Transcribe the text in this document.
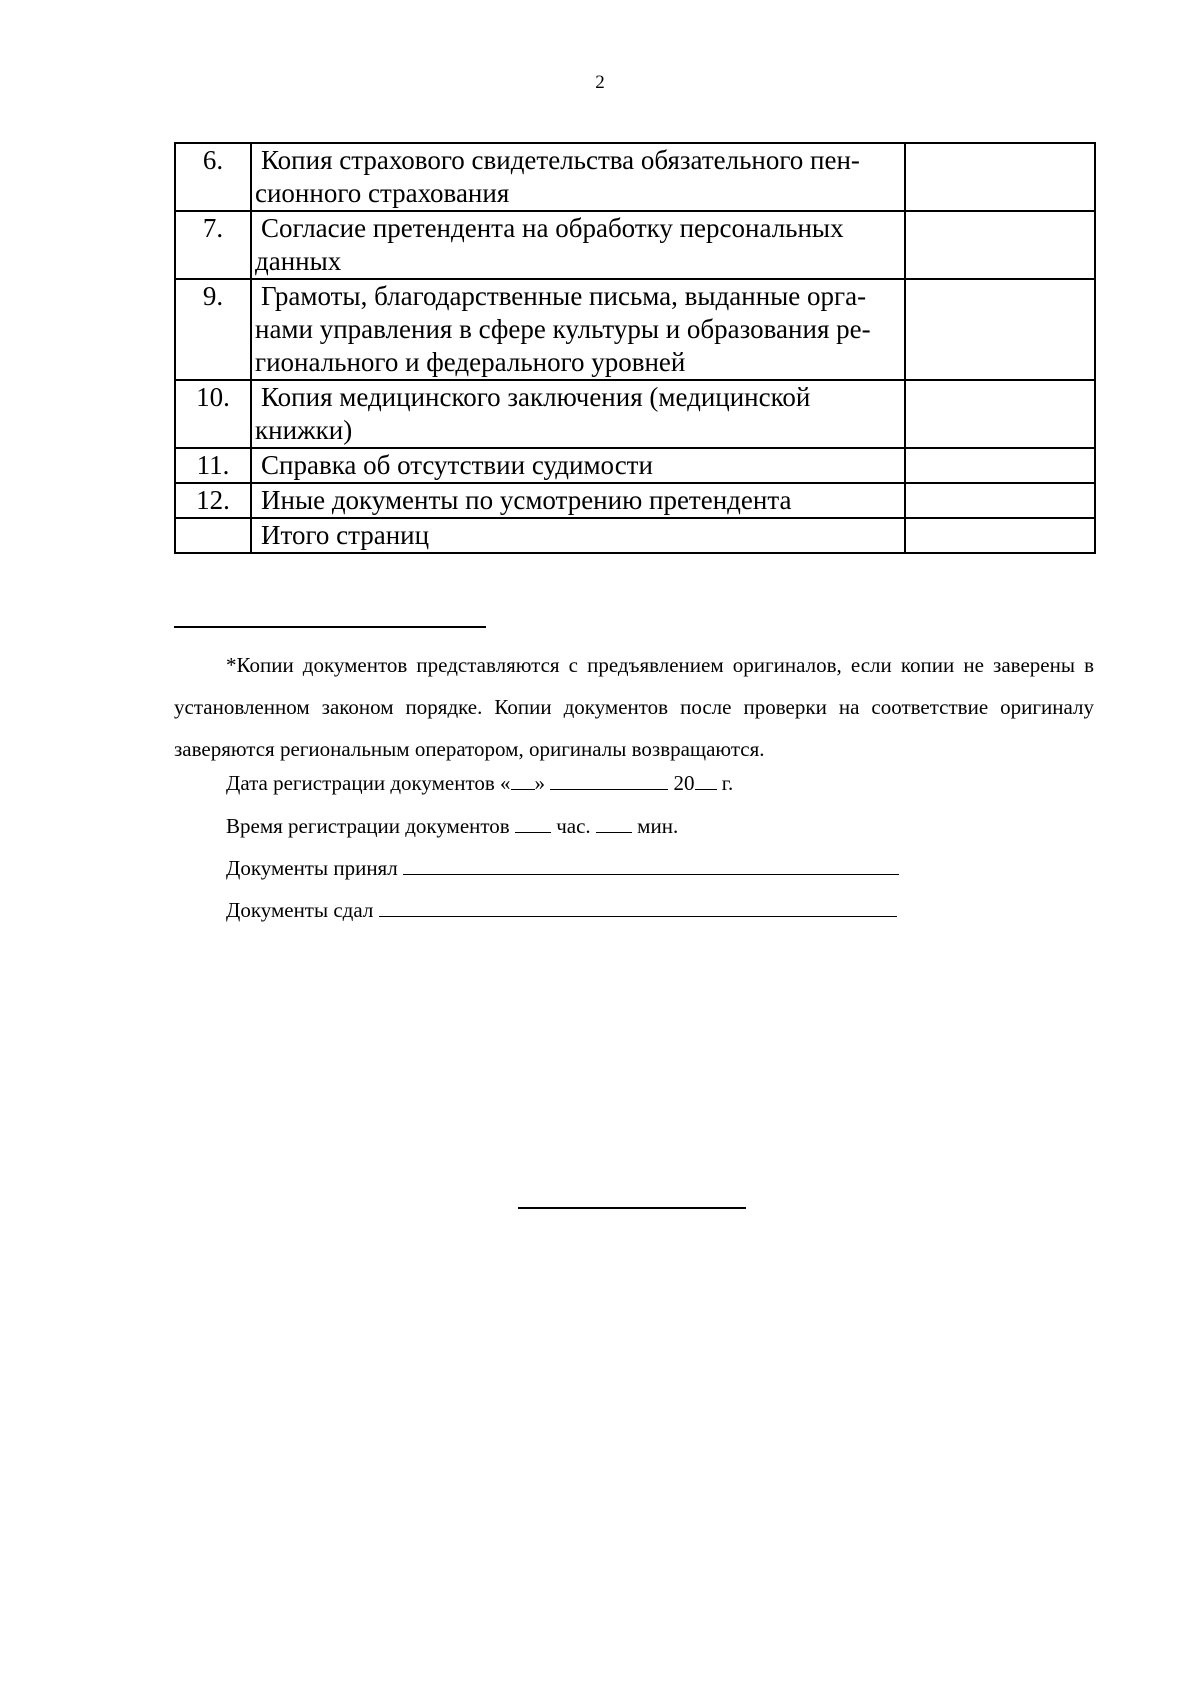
2
6.	Копия страхового свидетельства обязательного пен-
сионного страхования	
7.	Согласие претендента на обработку персональных
данных	
9.	Грамоты, благодарственные письма, выданные орга-
нами управления в сфере культуры и образования ре- гионального и федерального уровней	
10.	Копия медицинского заключения (медицинской
книжки)	
11.	Справка об отсутствии судимости	
12.	Иные документы по усмотрению претендента	
	Итого страниц	

*Копии документов представляются с предъявлением оригиналов, если копии не заверены в установленном законом порядке. Копии документов после проверки на соответствие оригиналу заверяются региональным оператором, оригиналы возвращаются.

Дата регистрации документов « »	20 г.
Время регистрации документов час. мин.
Документы принял
Документы сдал
